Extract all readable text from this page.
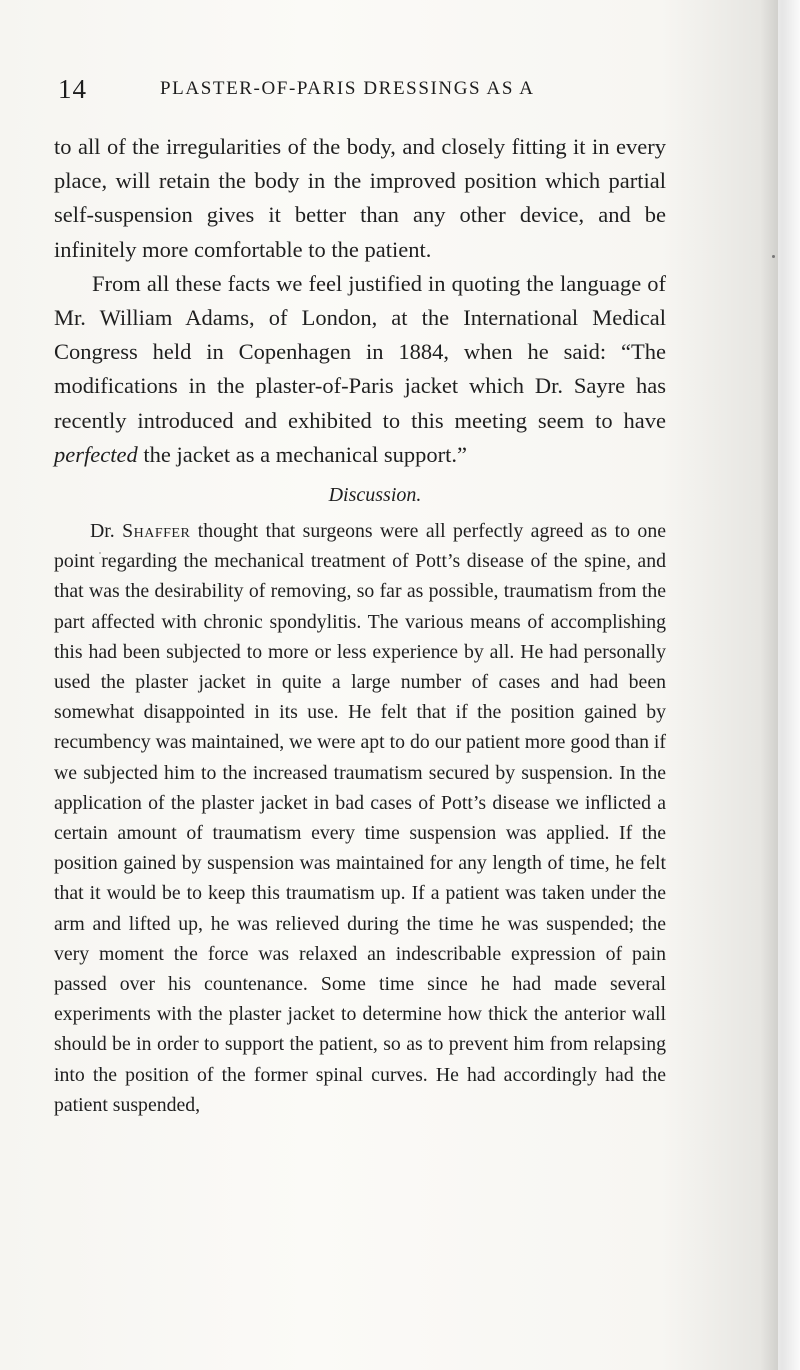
14	PLASTER-OF-PARIS DRESSINGS AS A

to all of the irregularities of the body, and closely fitting it in every place, will retain the body in the improved position which partial self-suspension gives it better than any other device, and be infinitely more comfortable to the patient.

From all these facts we feel justified in quoting the language of Mr. William Adams, of London, at the International Medical Congress held in Copenhagen in 1884, when he said: “The modifications in the plaster-of-Paris jacket which Dr. Sayre has recently introduced and exhibited to this meeting seem to have perfected the jacket as a mechanical support.”

Discussion.

Dr. Shaffer thought that surgeons were all perfectly agreed as to one point regarding the mechanical treatment of Pott’s disease of the spine, and that was the desirability of removing, so far as possible, traumatism from the part affected with chronic spondylitis. The various means of accomplishing this had been subjected to more or less experience by all. He had personally used the plaster jacket in quite a large number of cases and had been somewhat disappointed in its use. He felt that if the position gained by recumbency was maintained, we were apt to do our patient more good than if we subjected him to the increased traumatism secured by suspension. In the application of the plaster jacket in bad cases of Pott’s disease we inflicted a certain amount of traumatism every time suspension was applied. If the position gained by suspension was maintained for any length of time, he felt that it would be to keep this traumatism up. If a patient was taken under the arm and lifted up, he was relieved during the time he was suspended; the very moment the force was relaxed an indescribable expression of pain passed over his countenance. Some time since he had made several experiments with the plaster jacket to determine how thick the anterior wall should be in order to support the patient, so as to prevent him from relapsing into the position of the former spinal curves. He had accordingly had the patient suspended,
